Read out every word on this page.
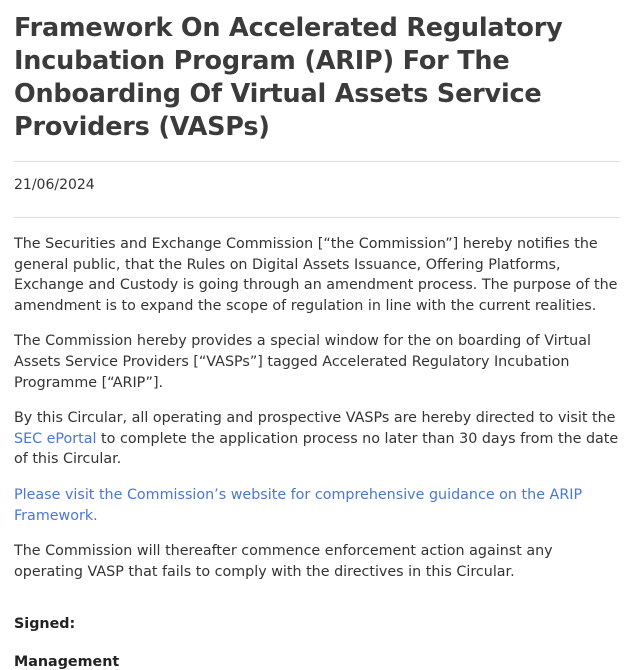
Framework On Accelerated Regulatory Incubation Program (ARIP) For The Onboarding Of Virtual Assets Service Providers (VASPs)
21/06/2024

The Securities and Exchange Commission [“the Commission”] hereby notifies the general public, that the Rules on Digital Assets Issuance, Offering Platforms, Exchange and Custody is going through an amendment process. The purpose of the amendment is to expand the scope of regulation in line with the current realities.

The Commission hereby provides a special window for the on boarding of Virtual Assets Service Providers [“VASPs”] tagged Accelerated Regulatory Incubation Programme [“ARIP”].

By this Circular, all operating and prospective VASPs are hereby directed to visit the SEC ePortal to complete the application process no later than 30 days from the date of this Circular.

Please visit the Commission’s website for comprehensive guidance on the ARIP Framework.

The Commission will thereafter commence enforcement action against any operating VASP that fails to comply with the directives in this Circular.

Signed:
Management
